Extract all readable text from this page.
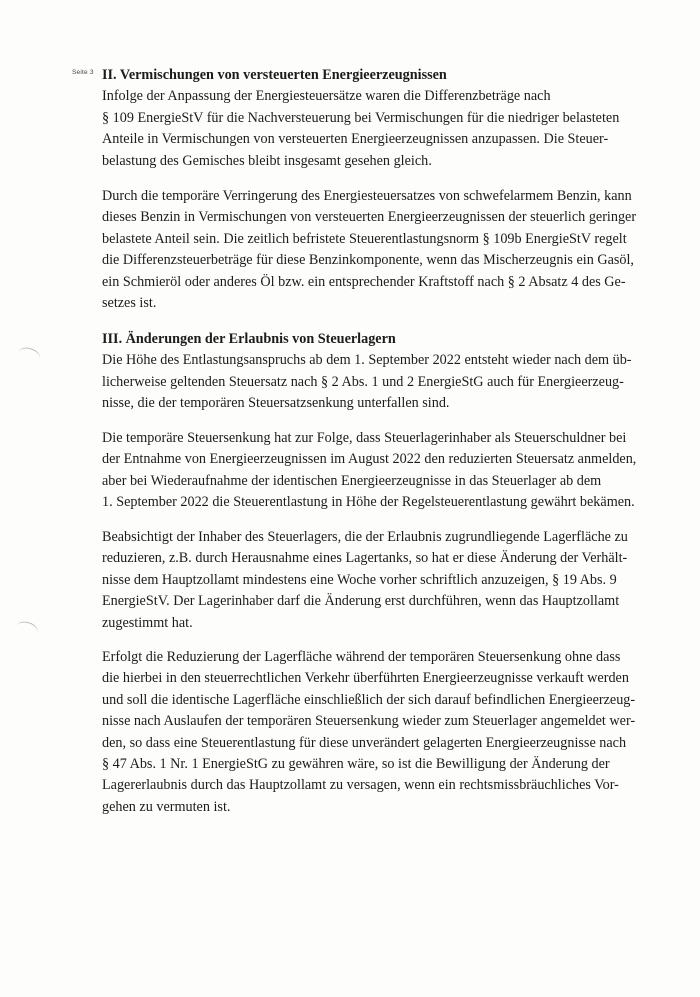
Seite 3 II. Vermischungen von versteuerten Energieerzeugnissen
Infolge der Anpassung der Energiesteuersätze waren die Differenzbeträge nach
§ 109 EnergieStV für die Nachversteuerung bei Vermischungen für die niedriger belasteten
Anteile in Vermischungen von versteuerten Energieerzeugnissen anzupassen. Die Steuer-
belastung des Gemisches bleibt insgesamt gesehen gleich.
Durch die temporäre Verringerung des Energiesteuersatzes von schwefelarmem Benzin, kann
dieses Benzin in Vermischungen von versteuerten Energieerzeugnissen der steuerlich geringer
belastete Anteil sein. Die zeitlich befristete Steuerentlastungsnorm § 109b EnergieStV regelt
die Differenzsteuerbeträge für diese Benzinkomponente, wenn das Mischerzeugnis ein Gasöl,
ein Schmieröl oder anderes Öl bzw. ein entsprechender Kraftstoff nach § 2 Absatz 4 des Ge-
setzes ist.
III. Änderungen der Erlaubnis von Steuerlagern
Die Höhe des Entlastungsanspruchs ab dem 1. September 2022 entsteht wieder nach dem üb-
licherweise geltenden Steuersatz nach § 2 Abs. 1 und 2 EnergieStG auch für Energieerzeug-
nisse, die der temporären Steuersatzsenkung unterfallen sind.
Die temporäre Steuersenkung hat zur Folge, dass Steuerlagerinhaber als Steuerschuldner bei
der Entnahme von Energieerzeugnissen im August 2022 den reduzierten Steuersatz anmelden,
aber bei Wiederaufnahme der identischen Energieerzeugnisse in das Steuerlager ab dem
1. September 2022 die Steuerentlastung in Höhe der Regelsteuerentlastung gewährt bekämen.
Beabsichtigt der Inhaber des Steuerlagers, die der Erlaubnis zugrundliegende Lagerfläche zu
reduzieren, z.B. durch Herausnahme eines Lagertanks, so hat er diese Änderung der Verhält-
nisse dem Hauptzollamt mindestens eine Woche vorher schriftlich anzuzeigen, § 19 Abs. 9
EnergieStV. Der Lagerinhaber darf die Änderung erst durchführen, wenn das Hauptzollamt
zugestimmt hat.
Erfolgt die Reduzierung der Lagerfläche während der temporären Steuersenkung ohne dass
die hierbei in den steuerrechtlichen Verkehr überführten Energieerzeugnisse verkauft werden
und soll die identische Lagerfläche einschließlich der sich darauf befindlichen Energieerzeug-
nisse nach Auslaufen der temporären Steuersenkung wieder zum Steuerlager angemeldet wer-
den, so dass eine Steuerentlastung für diese unverändert gelagerten Energieerzeugnisse nach
§ 47 Abs. 1 Nr. 1 EnergieStG zu gewähren wäre, so ist die Bewilligung der Änderung der
Lagererlaubnis durch das Hauptzollamt zu versagen, wenn ein rechtsmissbräuchliches Vor-
gehen zu vermuten ist.
